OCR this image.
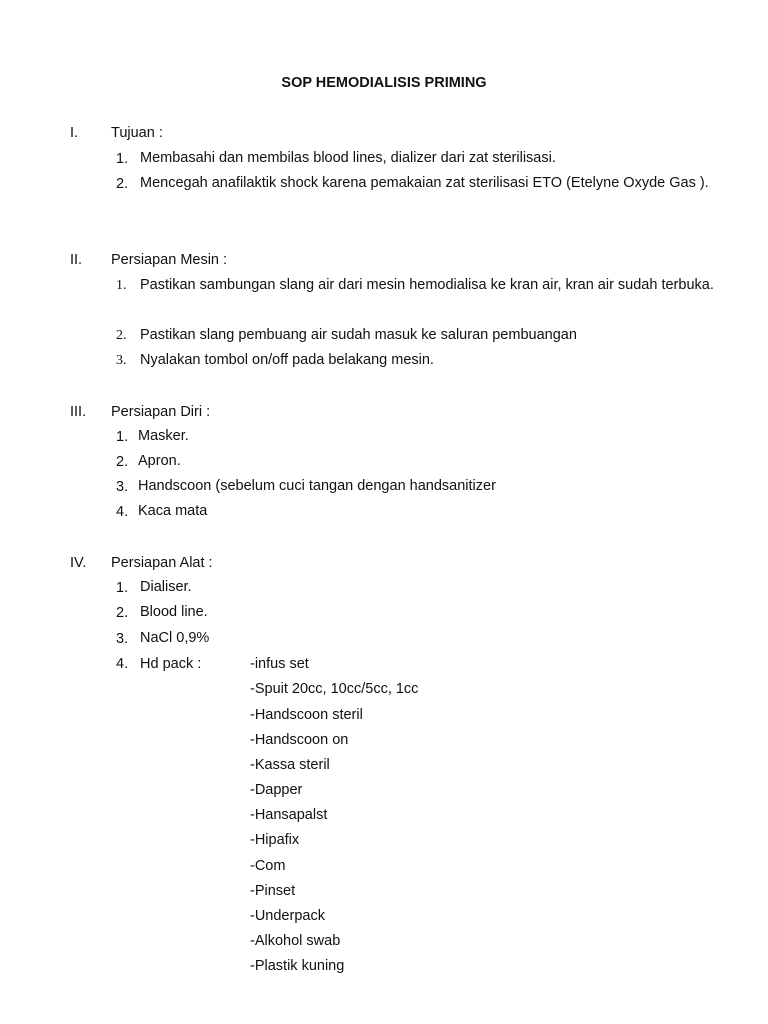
SOP HEMODIALISIS PRIMING
I. Tujuan :
1. Membasahi dan membilas blood lines, dializer dari zat sterilisasi.
2. Mencegah anafilaktik shock karena pemakaian zat sterilisasi ETO (Etelyne Oxyde Gas ).
II. Persiapan Mesin :
1. Pastikan sambungan slang air dari mesin hemodialisa ke kran air, kran air sudah terbuka.
2. Pastikan slang pembuang air sudah masuk ke saluran pembuangan
3. Nyalakan tombol on/off pada belakang mesin.
III. Persiapan Diri :
1. Masker.
2. Apron.
3. Handscoon (sebelum cuci tangan dengan handsanitizer
4. Kaca mata
IV. Persiapan Alat :
1. Dialiser.
2. Blood line.
3. NaCl 0,9%
4. Hd pack :	-infus set
-Spuit 20cc, 10cc/5cc, 1cc
-Handscoon steril
-Handscoon on
-Kassa steril
-Dapper
-Hansapalst
-Hipafix
-Com
-Pinset
-Underpack
-Alkohol swab
-Plastik kuning
